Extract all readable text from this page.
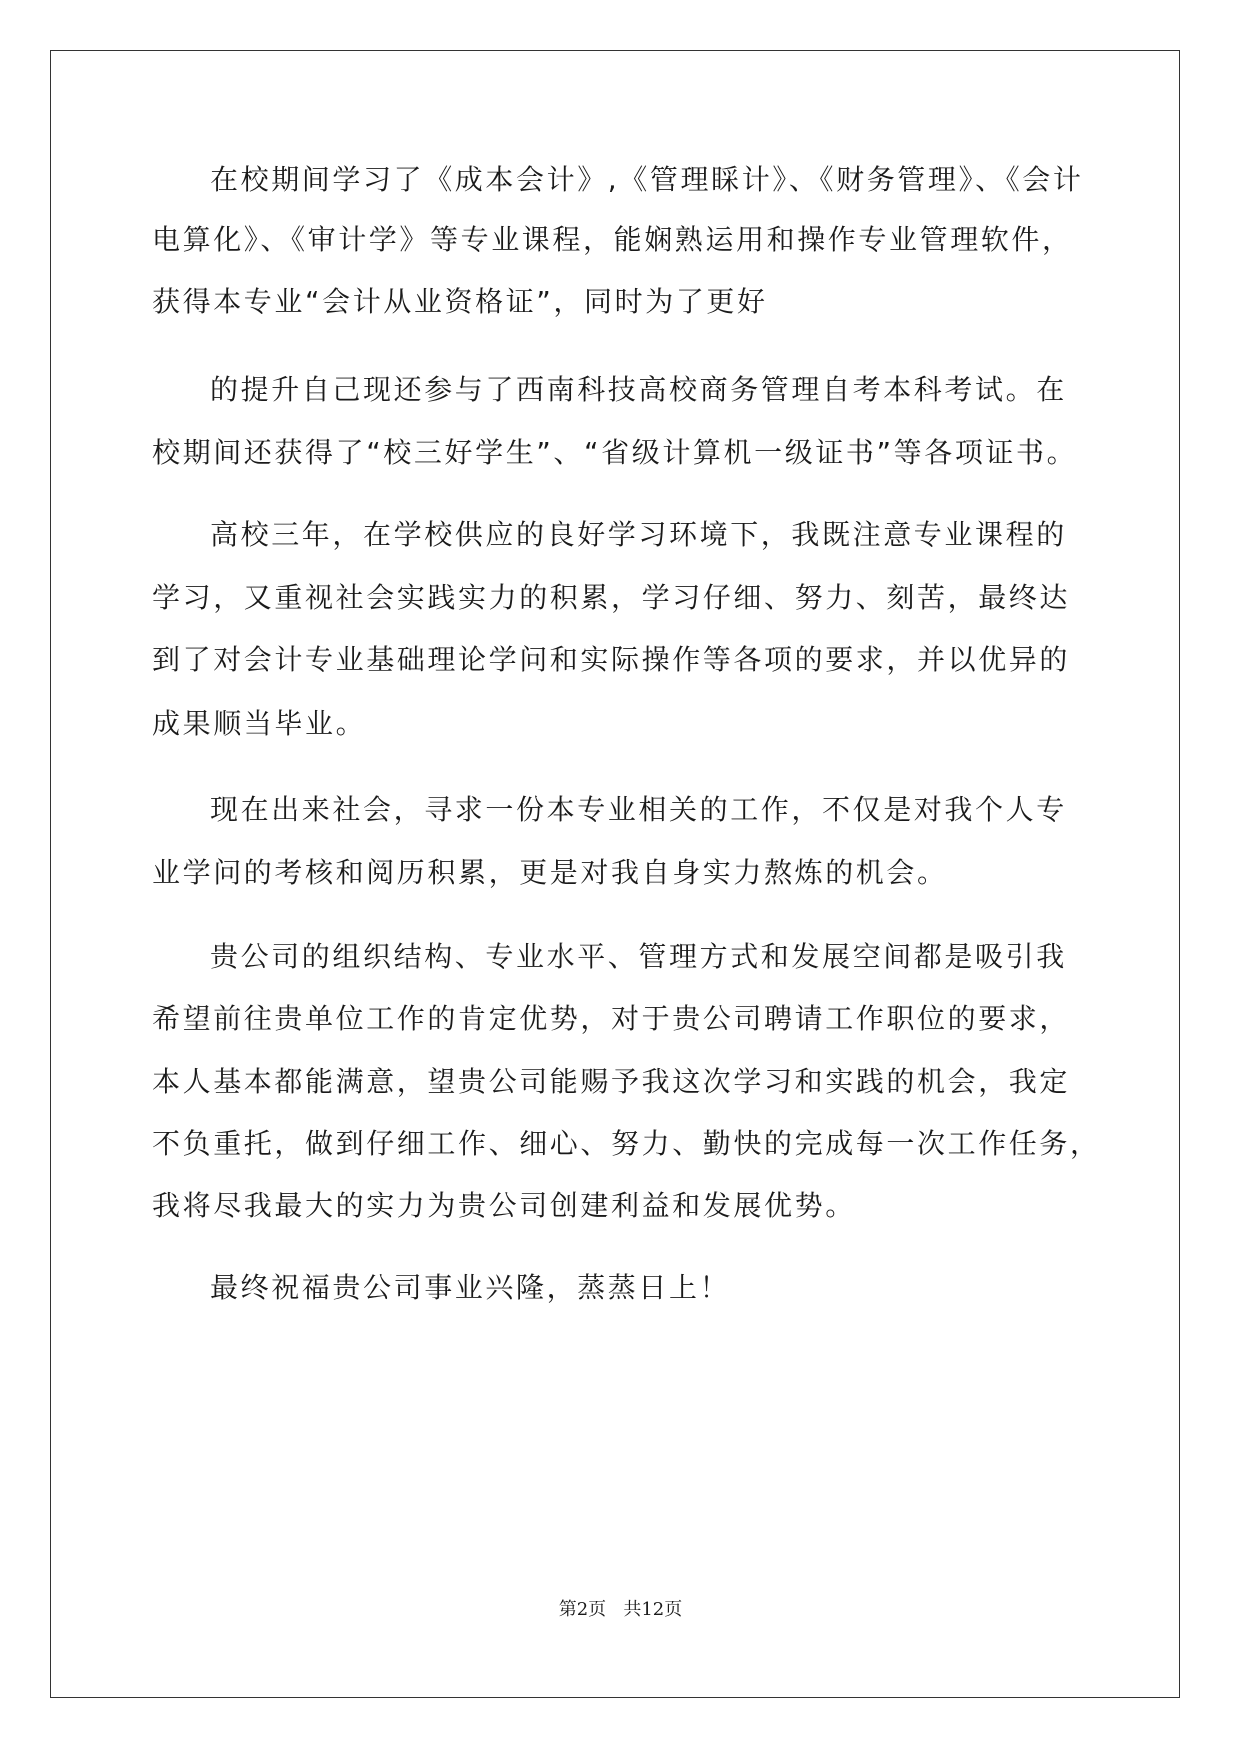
在校期间学习了《成本会计》,《管理睬计》、《财务管理》、《会计
电算化》、《审计学》等专业课程，能娴熟运用和操作专业管理软件，
获得本专业“会计从业资格证”，同时为了更好
的提升自己现还参与了西南科技高校商务管理自考本科考试。在
校期间还获得了“校三好学生”、“省级计算机一级证书”等各项证书。
高校三年，在学校供应的良好学习环境下，我既注意专业课程的
学习，又重视社会实践实力的积累，学习仔细、努力、刻苦，最终达
到了对会计专业基础理论学问和实际操作等各项的要求，并以优异的
成果顺当毕业。
现在出来社会，寻求一份本专业相关的工作，不仅是对我个人专
业学问的考核和阅历积累，更是对我自身实力熬炼的机会。
贵公司的组织结构、专业水平、管理方式和发展空间都是吸引我
希望前往贵单位工作的肯定优势，对于贵公司聘请工作职位的要求，
本人基本都能满意，望贵公司能赐予我这次学习和实践的机会，我定
不负重托，做到仔细工作、细心、努力、勤快的完成每一次工作任务，
我将尽我最大的实力为贵公司创建利益和发展优势。
最终祝福贵公司事业兴隆，蒸蒸日上！
第2页   共12页
